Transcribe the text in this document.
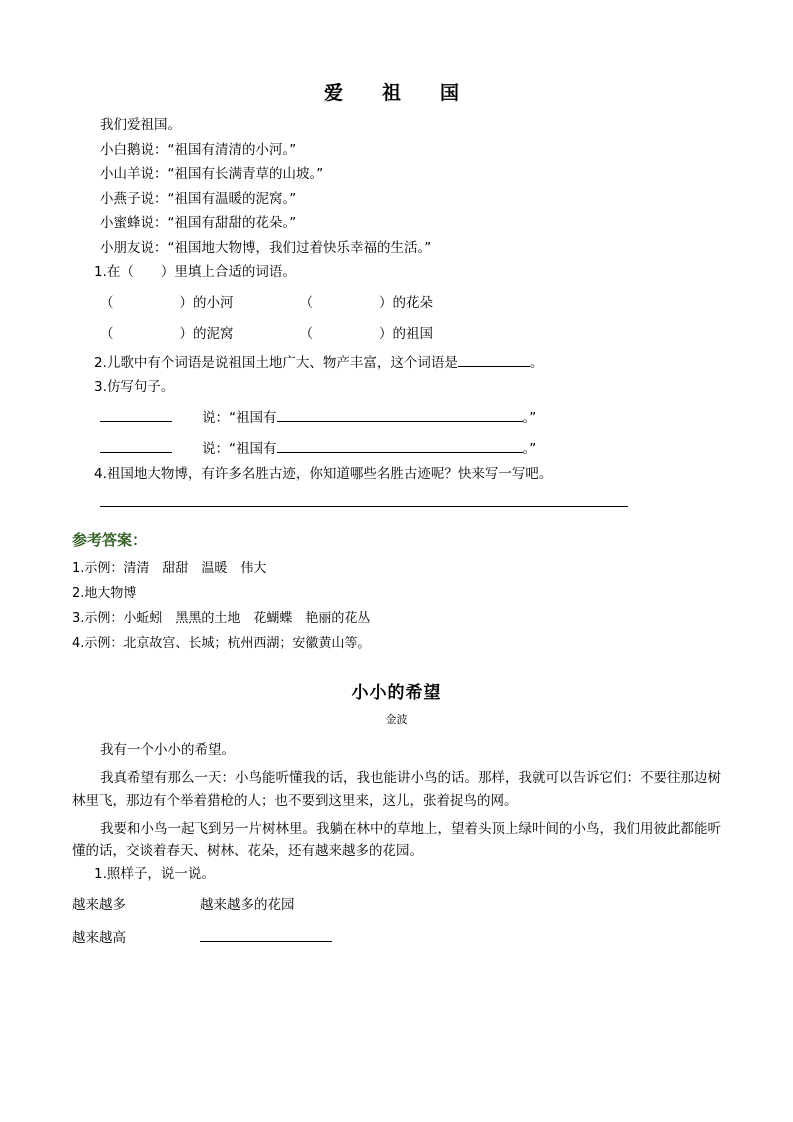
爱　祖　国

我们爱祖国。

小白鹅说：“祖国有清清的小河。”

小山羊说：“祖国有长满青草的山坡。”

小燕子说：“祖国有温暖的泥窝。”

小蜜蜂说：“祖国有甜甜的花朵。”

小朋友说：“祖国地大物博，我们过着快乐幸福的生活。”

1.在（　　）里填上合适的词语。

（	）的小河	（	）的花朵
（	）的泥窝	（	）的祖国
2.儿歌中有个词语是说祖国土地广大、物产丰富，这个词语是	。

3.仿写句子。

说：“祖国有	。”
说：“祖国有	。”

4.祖国地大物博，有许多名胜古迹，你知道哪些名胜古迹呢？快来写一写吧。

参考答案：

1.示例：清清　甜甜　温暖　伟大

2.地大物博

3.示例：小蚯蚓　黑黑的土地　花蝴蝶　艳丽的花丛

4.示例：北京故宫、长城；杭州西湖；安徽黄山等。

小小的希望
金波

我有一个小小的希望。

我真希望有那么一天：小鸟能听懂我的话，我也能讲小鸟的话。那样，我就可以告诉它们：不要往那边树林里飞，那边有个举着猎枪的人；也不要到这里来，这儿，张着捉鸟的网。

我要和小鸟一起飞到另一片树林里。我躺在林中的草地上，望着头顶上绿叶间的小鸟，我们用彼此都能听懂的话，交谈着春天、树林、花朵，还有越来越多的花园。

1.照样子，说一说。

越来越多	越来越多的花园
越来越高
